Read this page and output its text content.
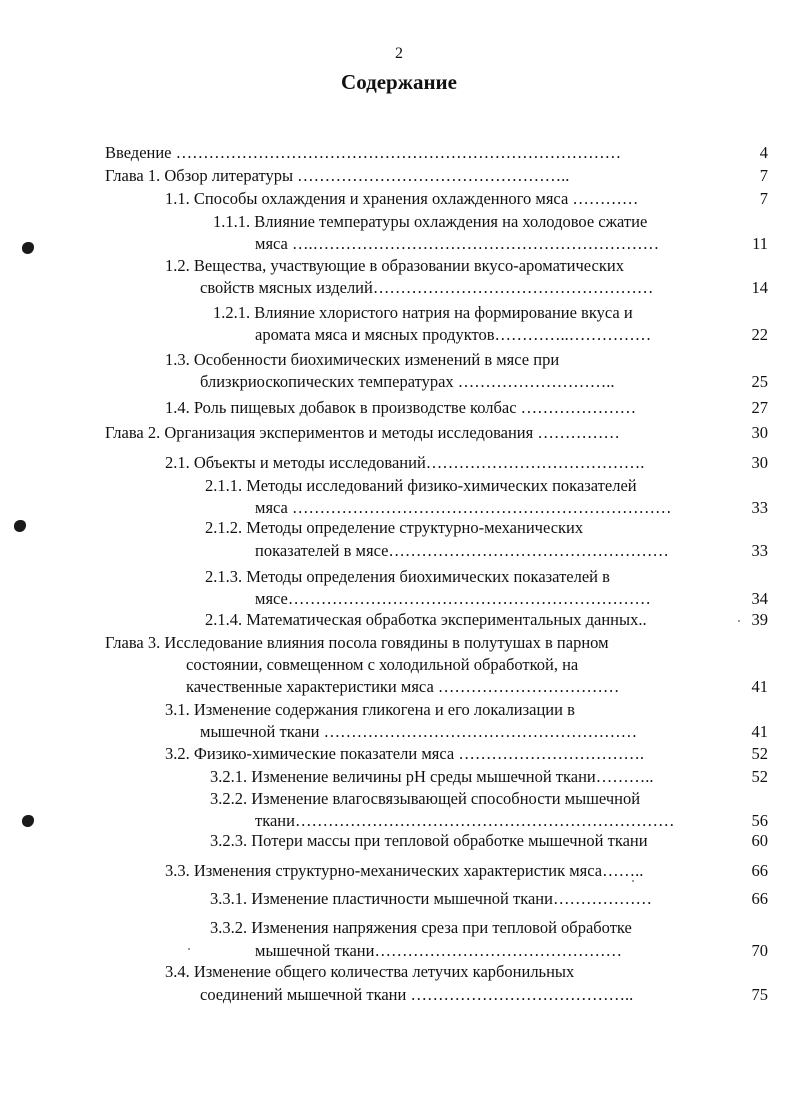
2
Содержание
Введение ………………………………………………………………………	4
Глава 1. Обзор литературы …………………………………………..	7
1.1. Способы охлаждения и хранения охлажденного мяса …………	7
1.1.1. Влияние температуры охлаждения на холодовое сжатие
мяса ….………………………………………………………	11
1.2. Вещества, участвующие в образовании вкусо-ароматических
свойств мясных изделий……………………………………………	14
1.2.1. Влияние хлористого натрия на формирование вкуса и
аромата мяса и мясных продуктов…………..……………	22
1.3. Особенности биохимических изменений в мясе при
близкриоскопических температурах ………………………..	25
1.4. Роль пищевых добавок в производстве колбас …………………	27
Глава 2. Организация экспериментов и методы исследования ……………	30
2.1. Объекты и методы исследований………………………………….	30
2.1.1. Методы исследований физико-химических показателей
мяса ……………………………………………………………	33
2.1.2. Методы определение структурно-механических
показателей в мясе……………………………………………	33
2.1.3. Методы определения биохимических показателей в
мясе…………………………………………………………	34
2.1.4. Математическая обработка экспериментальных данных..	39
Глава 3. Исследование влияния посола говядины в полутушах в парном
состоянии, совмещенном с холодильной обработкой, на
качественные характеристики мяса ……………………………	41
3.1. Изменение содержания гликогена и его локализации в
мышечной ткани …………………………………………………	41
3.2. Физико-химические показатели мяса …………………………….	52
3.2.1. Изменение величины рН среды мышечной ткани………..	52
3.2.2. Изменение влагосвязывающей способности мышечной
ткани……………………………………………………………	56
3.2.3. Потери массы при тепловой обработке мышечной ткани	60
3.3. Изменения структурно-механических характеристик мяса……..	66
3.3.1. Изменение пластичности мышечной ткани………………	66
3.3.2. Изменения напряжения среза при тепловой обработке
мышечной ткани………………………………………	70
3.4. Изменение общего количества летучих карбонильных
соединений мышечной ткани …………………………………..	75
